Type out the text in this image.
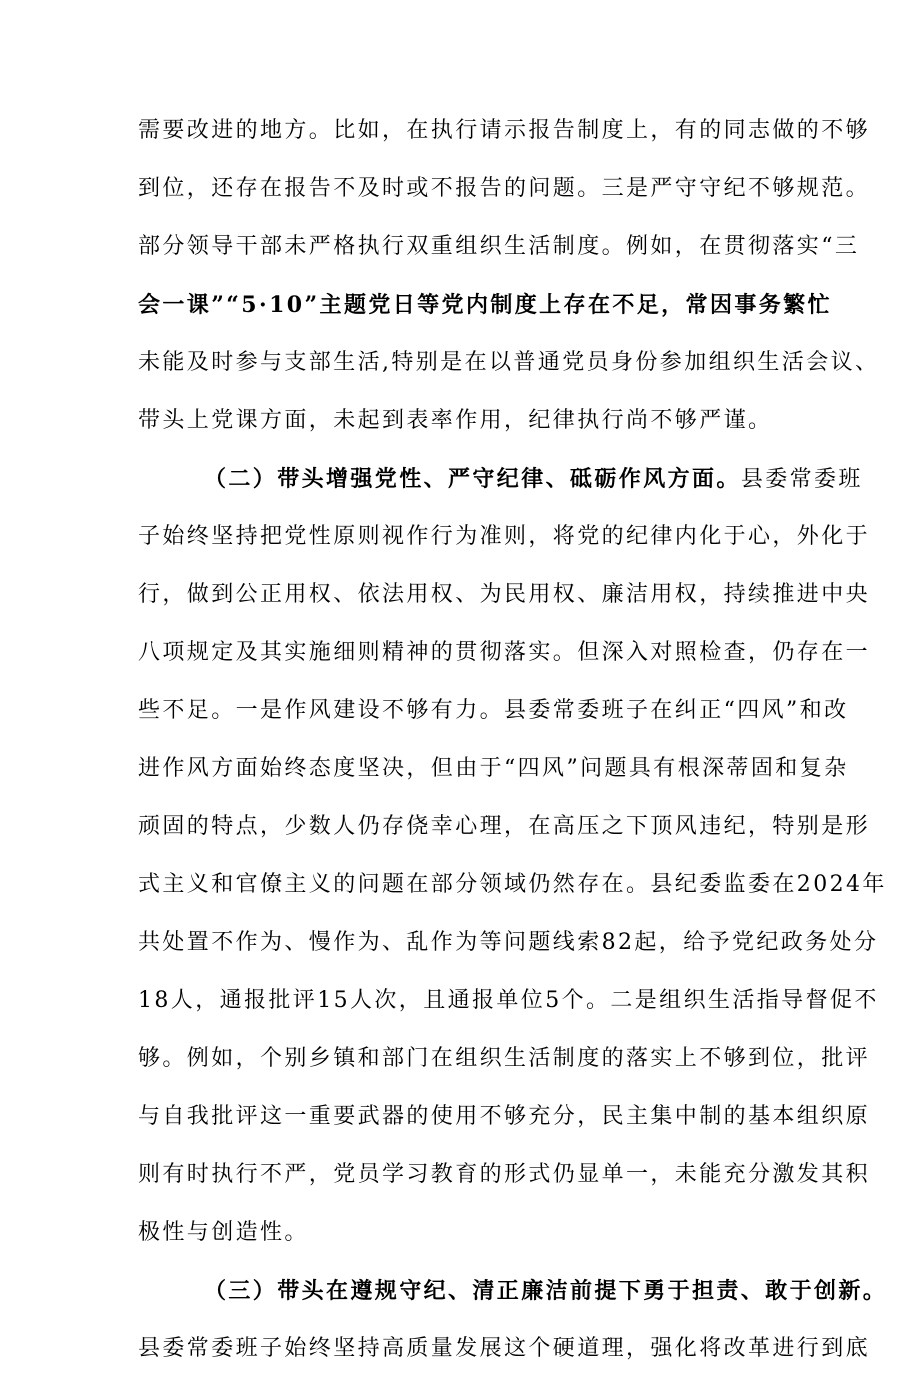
需要改进的地方。比如，在执行请示报告制度上，有的同志做的不够
到位，还存在报告不及时或不报告的问题。三是严守守纪不够规范。
部分领导干部未严格执行双重组织生活制度。例如，在贯彻落实“三
会一课”“5·10”主题党日等党内制度上存在不足，常因事务繁忙
未能及时参与支部生活,特别是在以普通党员身份参加组织生活会议、
带头上党课方面，未起到表率作用，纪律执行尚不够严谨。
（二）带头增强党性、严守纪律、砥砺作风方面。县委常委班
子始终坚持把党性原则视作行为准则，将党的纪律内化于心，外化于
行，做到公正用权、依法用权、为民用权、廉洁用权，持续推进中央
八项规定及其实施细则精神的贯彻落实。但深入对照检查，仍存在一
些不足。一是作风建设不够有力。县委常委班子在纠正“四风”和改
进作风方面始终态度坚决，但由于“四风”问题具有根深蒂固和复杂
顽固的特点，少数人仍存侥幸心理，在高压之下顶风违纪，特别是形
式主义和官僚主义的问题在部分领域仍然存在。县纪委监委在2024年
共处置不作为、慢作为、乱作为等问题线索82起，给予党纪政务处分
18人，通报批评15人次，且通报单位5个。二是组织生活指导督促不
够。例如，个别乡镇和部门在组织生活制度的落实上不够到位，批评
与自我批评这一重要武器的使用不够充分，民主集中制的基本组织原
则有时执行不严，党员学习教育的形式仍显单一，未能充分激发其积
极性与创造性。
（三）带头在遵规守纪、清正廉洁前提下勇于担责、敢于创新。
县委常委班子始终坚持高质量发展这个硬道理，强化将改革进行到底
